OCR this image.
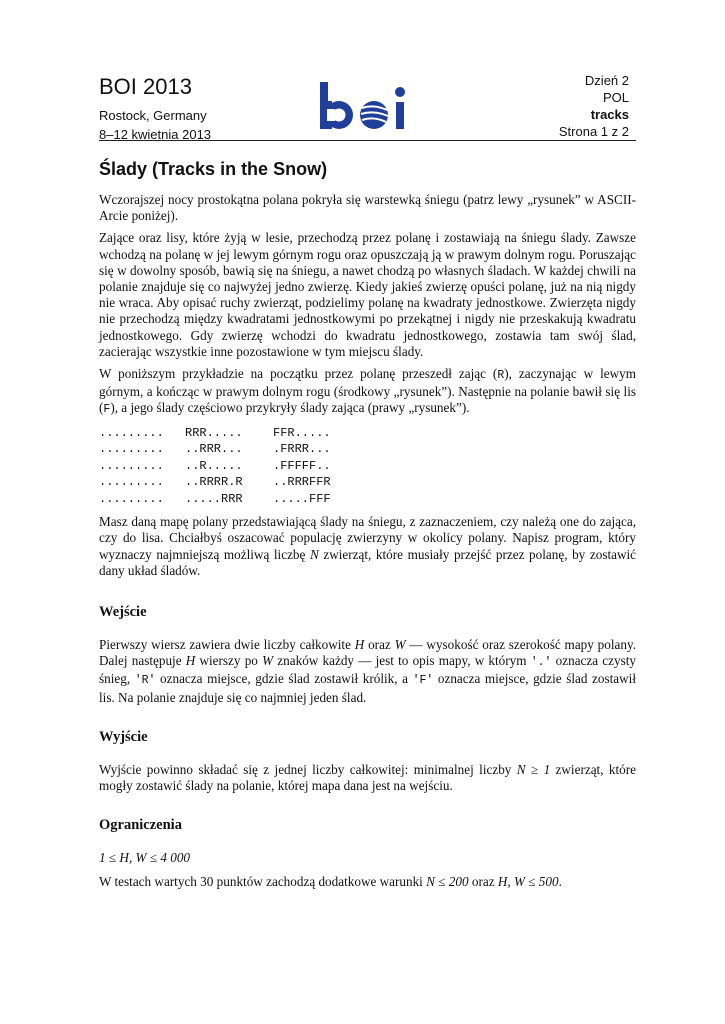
BOI 2013
Rostock, Germany
8–12 kwietnia 2013
Dzień 2
POL
tracks
Strona 1 z 2
Ślady (Tracks in the Snow)

Wczorajszej nocy prostokątna polana pokryła się warstewką śniegu (patrz lewy „rysunek” w ASCII-Arcie poniżej).

Zające oraz lisy, które żyją w lesie, przechodzą przez polanę i zostawiają na śniegu ślady. Zawsze wchodzą na polanę w jej lewym górnym rogu oraz opuszczają ją w prawym dolnym rogu. Poruszając się w dowolny sposób, bawią się na śniegu, a nawet chodzą po własnych śladach. W każdej chwili na polanie znajduje się co najwyżej jedno zwierzę. Kiedy jakieś zwierzę opuści polanę, już na nią nigdy nie wraca. Aby opisać ruchy zwierząt, podzielimy polanę na kwadraty jednostkowe. Zwierzęta nigdy nie przechodzą między kwadratami jednostkowymi po przekątnej i nigdy nie przeskakują kwadratu jednostkowego. Gdy zwierzę wchodzi do kwadratu jednostkowego, zostawia tam swój ślad, zacierając wszystkie inne pozostawione w tym miejscu ślady.

W poniższym przykładzie na początku przez polanę przeszedł zając (R), zaczynając w lewym górnym, a kończąc w prawym dolnym rogu (środkowy „rysunek”). Następnie na polanie bawił się lis (F), a jego ślady częściowo przykryły ślady zająca (prawy „rysunek”).

.........	RRR.....	FFR.....
.........	..RRR...	.FRRR...
.........	..R.....	.FFFFF..
.........	..RRRR.R	..RRRFFR
.........	.....RRR	.....FFF

Masz daną mapę polany przedstawiającą ślady na śniegu, z zaznaczeniem, czy należą one do zająca, czy do lisa. Chciałbyś oszacować populację zwierzyny w okolicy polany. Napisz program, który wyznaczy najmniejszą możliwą liczbę N zwierząt, które musiały przejść przez polanę, by zostawić dany układ śladów.

Wejście

Pierwszy wiersz zawiera dwie liczby całkowite H oraz W — wysokość oraz szerokość mapy polany. Dalej następuje H wierszy po W znaków każdy — jest to opis mapy, w którym '.' oznacza czysty śnieg, 'R' oznacza miejsce, gdzie ślad zostawił królik, a 'F' oznacza miejsce, gdzie ślad zostawił lis. Na polanie znajduje się co najmniej jeden ślad.

Wyjście

Wyjście powinno składać się z jednej liczby całkowitej: minimalnej liczby N ≥ 1 zwierząt, które mogły zostawić ślady na polanie, której mapa dana jest na wejściu.

Ograniczenia

1 ≤ H, W ≤ 4 000

W testach wartych 30 punktów zachodzą dodatkowe warunki N ≤ 200 oraz H, W ≤ 500.
